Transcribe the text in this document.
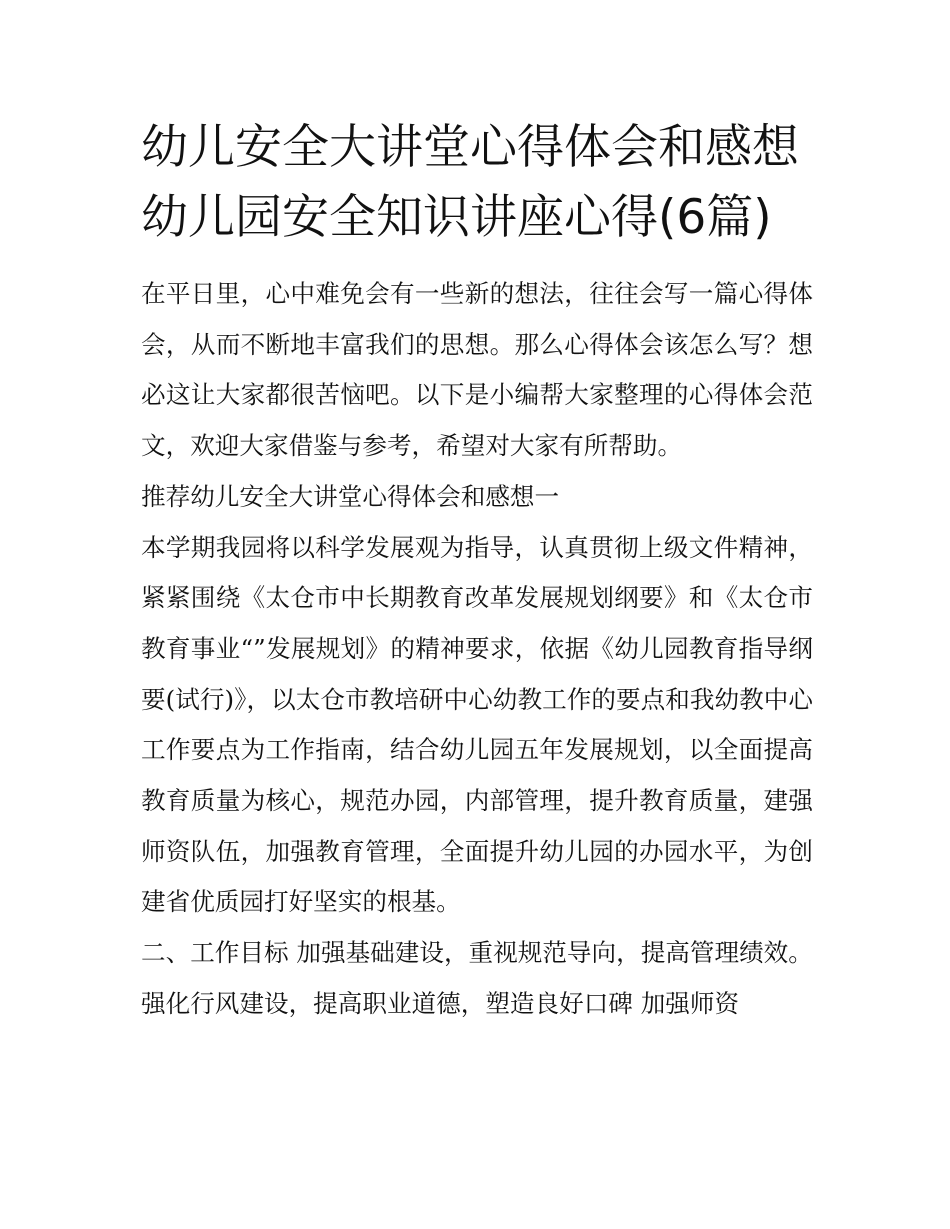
幼儿安全大讲堂心得体会和感想 幼儿园安全知识讲座心得(6篇)

在平日里，心中难免会有一些新的想法，往往会写一篇心得体会，从而不断地丰富我们的思想。那么心得体会该怎么写？想必这让大家都很苦恼吧。以下是小编帮大家整理的心得体会范文，欢迎大家借鉴与参考，希望对大家有所帮助。

推荐幼儿安全大讲堂心得体会和感想一

本学期我园将以科学发展观为指导，认真贯彻上级文件精神，紧紧围绕《太仓市中长期教育改革发展规划纲要》和《太仓市教育事业“”发展规划》的精神要求，依据《幼儿园教育指导纲要(试行)》，以太仓市教培研中心幼教工作的要点和我幼教中心工作要点为工作指南，结合幼儿园五年发展规划，以全面提高教育质量为核心，规范办园，内部管理，提升教育质量，建强师资队伍，加强教育管理，全面提升幼儿园的办园水平，为创建省优质园打好坚实的根基。

二、工作目标 加强基础建设，重视规范导向，提高管理绩效。 强化行风建设，提高职业道德，塑造良好口碑 加强师资
